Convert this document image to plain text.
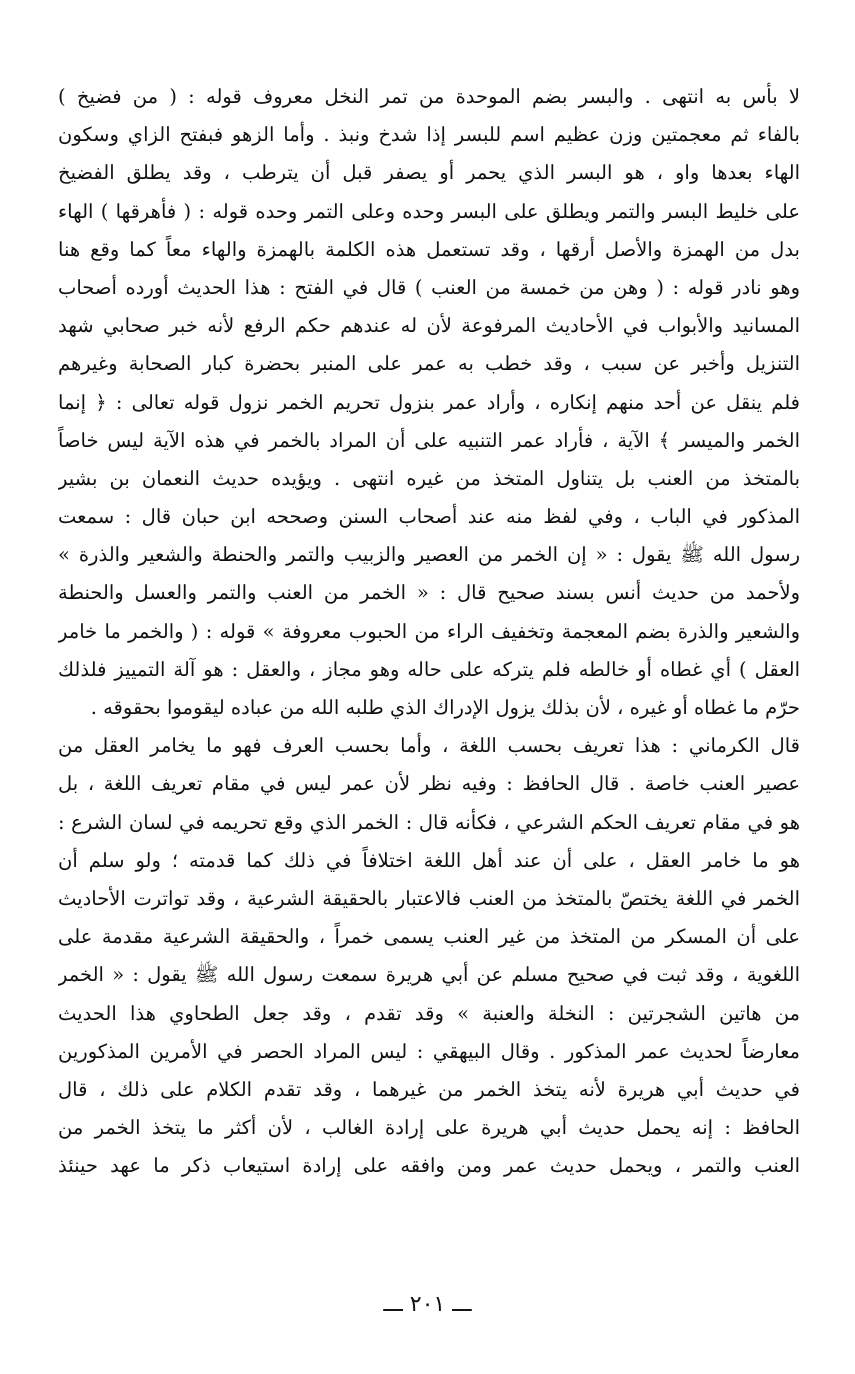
لا بأس به انتهى . والبسر بضم الموحدة من تمر النخل معروف قوله : ( من فضيخ )
بالفاء ثم معجمتين وزن عظيم اسم للبسر إذا شدخ ونبذ . وأما الزهو فبفتح الزاي وسكون
الهاء بعدها واو ، هو البسر الذي يحمر أو يصفر قبل أن يترطب ، وقد يطلق الفضيخ
على خليط البسر والتمر ويطلق على البسر وحده وعلى التمر وحده قوله : ( فأهرقها ) الهاء
بدل من الهمزة والأصل أرقها ، وقد تستعمل هذه الكلمة بالهمزة والهاء معاً كما وقع هنا
وهو نادر قوله : ( وهن من خمسة من العنب ) قال في الفتح : هذا الحديث أورده أصحاب
المسانيد والأبواب في الأحاديث المرفوعة لأن له عندهم حكم الرفع لأنه خبر صحابي شهد
التنزيل وأخبر عن سبب ، وقد خطب به عمر على المنبر بحضرة كبار الصحابة وغيرهم
فلم ينقل عن أحد منهم إنكاره ، وأراد عمر بنزول تحريم الخمر نزول قوله تعالى : ﴿ إنما
الخمر والميسر ﴾ الآية ، فأراد عمر التنبيه على أن المراد بالخمر في هذه الآية ليس خاصاً
بالمتخذ من العنب بل يتناول المتخذ من غيره انتهى . ويؤيده حديث النعمان بن بشير
المذكور في الباب ، وفي لفظ منه عند أصحاب السنن وصححه ابن حبان قال : سمعت
رسول الله ﷺ يقول : « إن الخمر من العصير والزبيب والتمر والحنطة والشعير والذرة »
ولأحمد من حديث أنس بسند صحيح قال : « الخمر من العنب والتمر والعسل والحنطة
والشعير والذرة بضم المعجمة وتخفيف الراء من الحبوب معروفة » قوله : ( والخمر ما خامر
العقل ) أي غطاه أو خالطه فلم يتركه على حاله وهو مجاز ، والعقل : هو آلة التمييز فلذلك
حرّم ما غطاه أو غيره ، لأن بذلك يزول الإدراك الذي طلبه الله من عباده ليقوموا بحقوقه .
قال الكرماني : هذا تعريف بحسب اللغة ، وأما بحسب العرف فهو ما يخامر العقل من
عصير العنب خاصة . قال الحافظ : وفيه نظر لأن عمر ليس في مقام تعريف اللغة ، بل
هو في مقام تعريف الحكم الشرعي ، فكأنه قال : الخمر الذي وقع تحريمه في لسان الشرع :
هو ما خامر العقل ، على أن عند أهل اللغة اختلافاً في ذلك كما قدمته ؛ ولو سلم أن
الخمر في اللغة يختصّ بالمتخذ من العنب فالاعتبار بالحقيقة الشرعية ، وقد تواترت الأحاديث
على أن المسكر من المتخذ من غير العنب يسمى خمراً ، والحقيقة الشرعية مقدمة على
اللغوية ، وقد ثبت في صحيح مسلم عن أبي هريرة سمعت رسول الله ﷺ يقول : « الخمر
من هاتين الشجرتين : النخلة والعنبة » وقد تقدم ، وقد جعل الطحاوي هذا الحديث
معارضاً لحديث عمر المذكور . وقال البيهقي : ليس المراد الحصر في الأمرين المذكورين
في حديث أبي هريرة لأنه يتخذ الخمر من غيرهما ، وقد تقدم الكلام على ذلك ، قال
الحافظ : إنه يحمل حديث أبي هريرة على إرادة الغالب ، لأن أكثر ما يتخذ الخمر من
العنب والتمر ، ويحمل حديث عمر ومن وافقه على إرادة استيعاب ذكر ما عهد حينئذ
ـــ ٢٠١ ـــ
